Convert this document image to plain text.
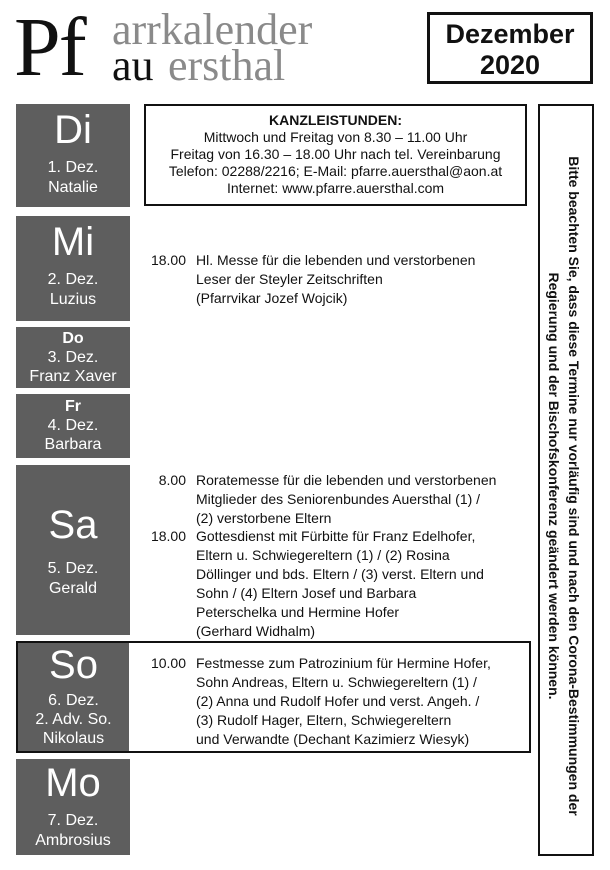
Pf arrkalender
au ersthal
Dezember
2020
KANZLEISTUNDEN:
Mittwoch und Freitag von 8.30 – 11.00 Uhr
Freitag von 16.30 – 18.00 Uhr nach tel. Vereinbarung
Telefon: 02288/2216; E-Mail: pfarre.auersthal@aon.at
Internet: www.pfarre.auersthal.com
Di
1. Dez.
Natalie
Mi
2. Dez.
Luzius
Do
3. Dez.
Franz Xaver
Fr
4. Dez.
Barbara
Sa
5. Dez.
Gerald
So
6. Dez.
2. Adv. So.
Nikolaus
Mo
7. Dez.
Ambrosius
18.00 Hl. Messe für die lebenden und verstorbenen
Leser der Steyler Zeitschriften
(Pfarrvikar Jozef Wojcik)
8.00 Roratemesse für die lebenden und verstorbenen
Mitglieder des Seniorenbundes Auersthal (1) /
(2) verstorbene Eltern
18.00 Gottesdienst mit Fürbitte für Franz Edelhofer,
Eltern u. Schwiegereltern (1) / (2) Rosina
Döllinger und bds. Eltern / (3) verst. Eltern und
Sohn / (4) Eltern Josef und Barbara
Peterschelka und Hermine Hofer
(Gerhard Widhalm)
10.00 Festmesse zum Patrozinium für Hermine Hofer,
Sohn Andreas, Eltern u. Schwiegereltern (1) /
(2) Anna und Rudolf Hofer und verst. Angeh. /
(3) Rudolf Hager, Eltern, Schwiegereltern
und Verwandte (Dechant Kazimierz Wiesyk)	Bitte beachten Sie, dass diese Termine nur vorläufig sind und nach den Corona-Bestimmungen der
Regierung und der Bischofskonferenz geändert werden können.
